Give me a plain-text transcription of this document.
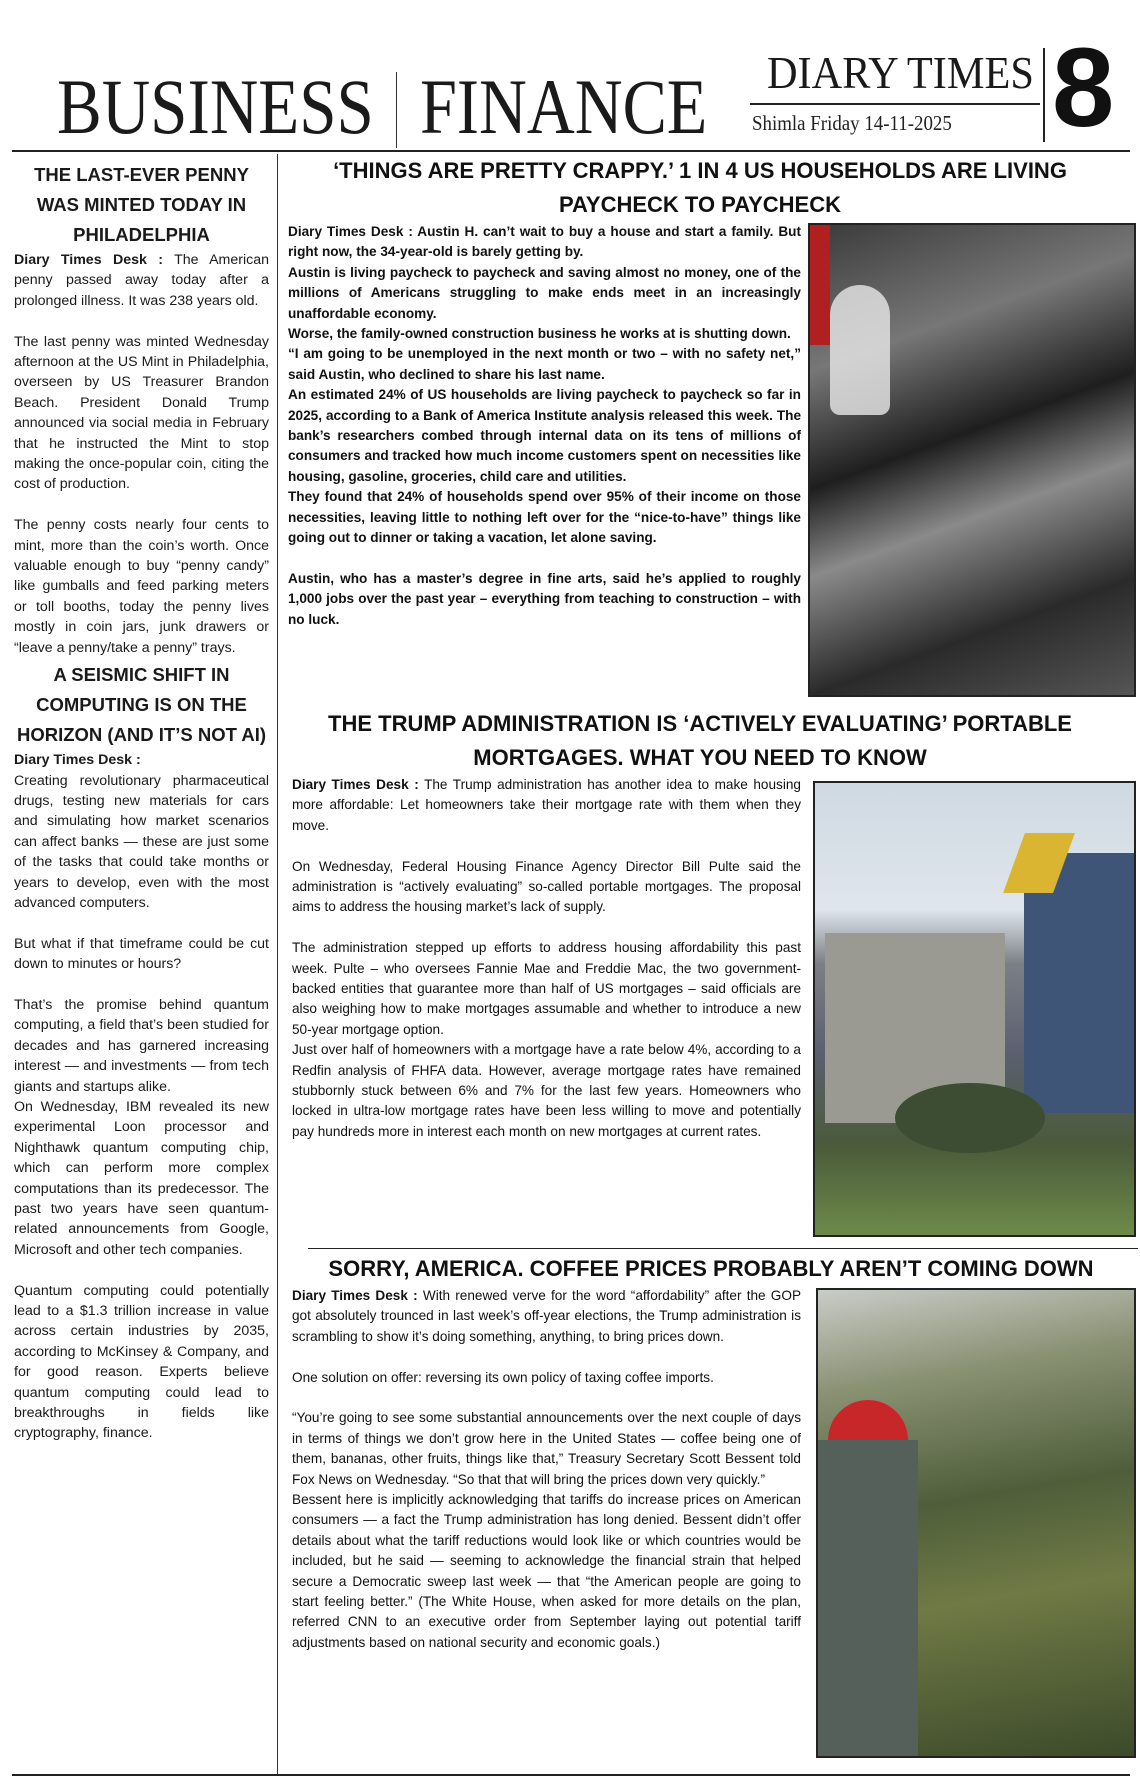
BUSINESS FINANCE DIARY TIMES
Shimla Friday 14-11-2025 8
THE LAST-EVER PENNY WAS MINTED TODAY IN PHILADELPHIA

Diary Times Desk : The American penny passed away today after a prolonged illness. It was 238 years old.

The last penny was minted Wednesday afternoon at the US Mint in Philadelphia, overseen by US Treasurer Brandon Beach. President Donald Trump announced via social media in February that he instructed the Mint to stop making the once-popular coin, citing the cost of production.

The penny costs nearly four cents to mint, more than the coin’s worth. Once valuable enough to buy “penny candy” like gumballs and feed parking meters or toll booths, today the penny lives mostly in coin jars, junk drawers or “leave a penny/take a penny” trays.

A SEISMIC SHIFT IN COMPUTING IS ON THE HORIZON (AND IT’S NOT AI)

Diary Times Desk :

Creating revolutionary pharmaceutical drugs, testing new materials for cars and simulating how market scenarios can affect banks — these are just some of the tasks that could take months or years to develop, even with the most advanced computers.

But what if that timeframe could be cut down to minutes or hours?

That’s the promise behind quantum computing, a field that’s been studied for decades and has garnered increasing interest — and investments — from tech giants and startups alike.

On Wednesday, IBM revealed its new experimental Loon processor and Nighthawk quantum computing chip, which can perform more complex computations than its predecessor. The past two years have seen quantum-related announcements from Google, Microsoft and other tech companies.

Quantum computing could potentially lead to a $1.3 trillion increase in value across certain industries by 2035, according to McKinsey & Company, and for good reason. Experts believe quantum computing could lead to breakthroughs in fields like cryptography, finance.

‘THINGS ARE PRETTY CRAPPY.’ 1 IN 4 US HOUSEHOLDS ARE LIVING PAYCHECK TO PAYCHECK

Diary Times Desk : Austin H. can’t wait to buy a house and start a family. But right now, the 34-year-old is barely getting by.

Austin is living paycheck to paycheck and saving almost no money, one of the millions of Americans struggling to make ends meet in an increasingly unaffordable economy.

Worse, the family-owned construction business he works at is shutting down.

“I am going to be unemployed in the next month or two – with no safety net,” said Austin, who declined to share his last name.

An estimated 24% of US households are living paycheck to paycheck so far in 2025, according to a Bank of America Institute analysis released this week. The bank’s researchers combed through internal data on its tens of millions of consumers and tracked how much income customers spent on necessities like housing, gasoline, groceries, child care and utilities.

They found that 24% of households spend over 95% of their income on those necessities, leaving little to nothing left over for the “nice-to-have” things like going out to dinner or taking a vacation, let alone saving.

Austin, who has a master’s degree in fine arts, said he’s applied to roughly 1,000 jobs over the past year – everything from teaching to construction – with no luck.

THE TRUMP ADMINISTRATION IS ‘ACTIVELY EVALUATING’ PORTABLE MORTGAGES. WHAT YOU NEED TO KNOW

Diary Times Desk : The Trump administration has another idea to make housing more affordable: Let homeowners take their mortgage rate with them when they move.

On Wednesday, Federal Housing Finance Agency Director Bill Pulte said the administration is “actively evaluating” so-called portable mortgages. The proposal aims to address the housing market’s lack of supply.

The administration stepped up efforts to address housing affordability this past week. Pulte – who oversees Fannie Mae and Freddie Mac, the two government-backed entities that guarantee more than half of US mortgages – said officials are also weighing how to make mortgages assumable and whether to introduce a new 50-year mortgage option.

Just over half of homeowners with a mortgage have a rate below 4%, according to a Redfin analysis of FHFA data. However, average mortgage rates have remained stubbornly stuck between 6% and 7% for the last few years. Homeowners who locked in ultra-low mortgage rates have been less willing to move and potentially pay hundreds more in interest each month on new mortgages at current rates.

SORRY, AMERICA. COFFEE PRICES PROBABLY AREN’T COMING DOWN

Diary Times Desk : With renewed verve for the word “affordability” after the GOP got absolutely trounced in last week’s off-year elections, the Trump administration is scrambling to show it’s doing something, anything, to bring prices down.

One solution on offer: reversing its own policy of taxing coffee imports.

“You’re going to see some substantial announcements over the next couple of days in terms of things we don’t grow here in the United States — coffee being one of them, bananas, other fruits, things like that,” Treasury Secretary Scott Bessent told Fox News on Wednesday. “So that that will bring the prices down very quickly.”

Bessent here is implicitly acknowledging that tariffs do increase prices on American consumers — a fact the Trump administration has long denied. Bessent didn’t offer details about what the tariff reductions would look like or which countries would be included, but he said — seeming to acknowledge the financial strain that helped secure a Democratic sweep last week — that “the American people are going to start feeling better.” (The White House, when asked for more details on the plan, referred CNN to an executive order from September laying out potential tariff adjustments based on national security and economic goals.)
